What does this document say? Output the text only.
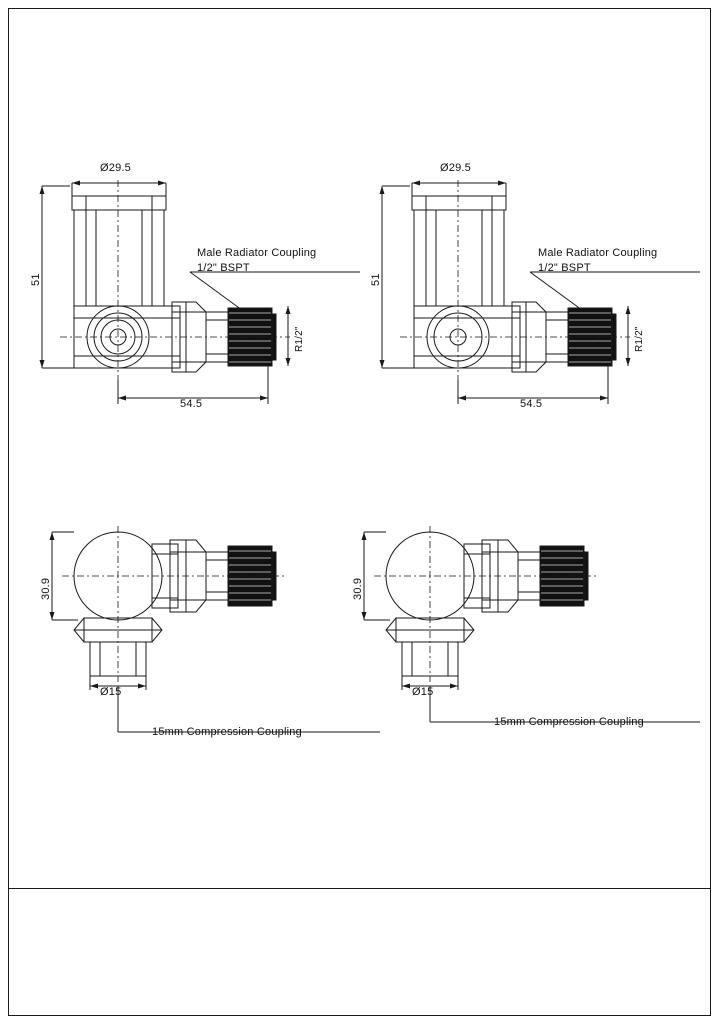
Ø29.5
51
54.5
R1/2"
Male Radiator Coupling
1/2" BSPT
Ø29.5
51
54.5
R1/2"
Male Radiator Coupling
1/2" BSPT
30.9
Ø15
15mm Compression Coupling
30.9
Ø15
15mm Compression Coupling
